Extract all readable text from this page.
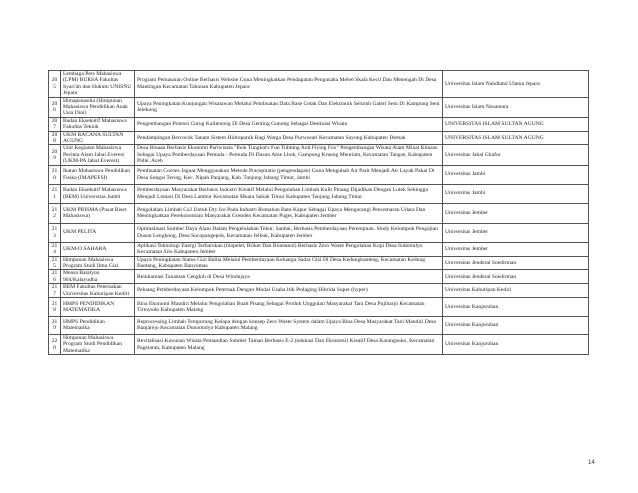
205	Lembaga Pers Mahasiswa (LPM) BURSA Fakultas Syari'ah dan Hukum UNISNU Jepara	Program Pemasaran Online Berbasis Website Guna Meningkatkan Pendapatan Pengusaha Mebel Skala Kecil Dan Menengah Di Desa Mantingan Kecamatan Tahunan Kabupaten Jepara	Universitas Islam Nahdlatul Ulama Jepara
206	Himapenasdia (Himpunan Mahasiswa Pendidikan Anak Usia Dini)	Upaya Peningkatan Kunjungan Wisatawan Melalui Pembuatan Data Base Cetak Dan Elektronik Seluruh Galeri Seni Di Kampung Seni Jelekong	Universitas Islam Nusantara
207	Badan Eksekutif Mahasiswa Fakultas Teknik	Pengembangan Potensi Curug Kalitenong Di Desa Genting Gunung Sebagai Destinasi Wisata	UNIVERSITAS ISLAM SULTAN AGUNG
208	UKM RACANA SULTAN AGUNG	Pendampingan Bercocok Tanam Sistem Hidroponik Bagi Warga Desa Purwosari Kecamatan Sayung Kabupaten Demak	UNIVERSITAS ISLAM SULTAN AGUNG
209	Unit Kegiatan Mahasiswa Pecinta Alam Jabal Everest (UKM-PA Jabal Everest)	Desa Binaan Berbasis Ekonomi Pariwisata "Ihok Tungkat's Fun Tubbing And Flying Fox" Pengembangan Wisata Alam Minat Khusus Sebagai Upaya Pemberdayaan Pemuda - Pemuda Di Dusun Alue Lhok, Gampong Krueng Meuriam, Kecamatan Tangse, Kabupaten Pidie, Aceh	Universitas Jabal Ghafur
210	Ikatan Mahasiswa Pendidikan Fisika (IMAPEFSI)	Pembuatan Cocoes Jaguar Menggunakan Metode Pracepitatio (pengendapan) Guna Mengubah Air Parit Menjadi Air Layak Pakai Di Desa Sungai Tering, Kec. Nipah Panjang, Kab. Tanjung Jabung Timur, Jambi	Universitas Jambi
211	Badan Eksekutif Mahasiswa (BEM) Universitas Jambi	Pemberdayaan Masyarakat Berbasis Industri Kreatif Melalui Pengolahan Limbah Kulit Pinang Dijadikan Dengan Lotek Sehingga Menjadi Lemari Di Desa Lambur Kecamatan Muara Sabak Timur Kabupaten Tanjung Jabung Timur	Universitas Jambi
212	UKM PRISMA (Pusat Riset Mahasiswa)	Pengolahan Limbah Cs2 Untuk Dry Ice Pada Industri Rumahan Batu Kapur Sebagai Upaya Mengurangi Pencemaran Udara Dan Meningkatkan Perekonomian Masyarakat Grenden Kecamatan Puger, Kabupaten Jember	Universitas Jember
213	UKM PELITA	Optimalisasi Sumber Daya Alam Dalam Pengelolahan Tekur, Sanbai, Berbasis Pemberdayaan Perempuan. Study Kelompok Pengajian Dusun Lengkong, Desa Sucopangepok, Kecamatan Jelbuk, Kabupaten Jember	Universitas Jember
214	UKM-O SAHARA	Aplikasi Teknologi Energi Terbarukan (biopelet, Briket Dan Bioetanol) Berbasis Zero Waste Pengolahan Kopi Desa Sidomulyo Kecamatan Silo Kabupaten Jember	Universitas Jember
215	Himpunan Mahasiswa Program Studi Ilmu Gizi	Upaya Peningkatan Status Gizi Balita Melalui Pemberdayaan Keluarga Sadar Gizi Di Desa Kedungbanteng, Kecamatan Kedung Banteng, Kabupaten Banyumas	Universitas Jenderal Soedirman
216	Mensa Batalyon 904/Kalayudha	Reinkarnasi Tanaman Cengkih di Desa Windujaya	Universitas Jenderal Soedirman
217	BEM Fakultas Peternakan Universitas Kahuripan Kediri	Peluang Pemberdayaan Kelompok Peternak Dengan Modal Usaha Itik Pedaging Hibrida Super (hyper)	Universitas Kahuripan Kediri
218	HMPS PENDIDIKAN MATEMATIKA	Bina Ekonomi Mandiri Melalui Pengolahan Buah Pisang Sebagai Produk Unggulan Masyarakat Tani Desa Pujiharjo Kecamatan Tirtoyudo Kabupaten Malang	Universitas Kanjuruhan
219	HMPS Pendidikan Matematika	Reprocessing Limbah Tempurung Kelapa dengan konsep Zero Waste System dalam Upaya Bina Desa Masyarakat Tani Mandiri Desa Banjarejo Kecamatan Donomulyo Kabupaten Malang	Universitas Kanjuruhan
220	Himpunan Mahasiswa Program Studi Pendidikan Matematika	Revitalisasi Kawasan Wisata Pemandian Sumber Taman Berbasis E-2 (edukasi Dan Ekonomi) Kreatif Desa Karangsuko, Kecamatan Pagelaran, Kabupaten Malang	Universitas Kanjuruhan
14
